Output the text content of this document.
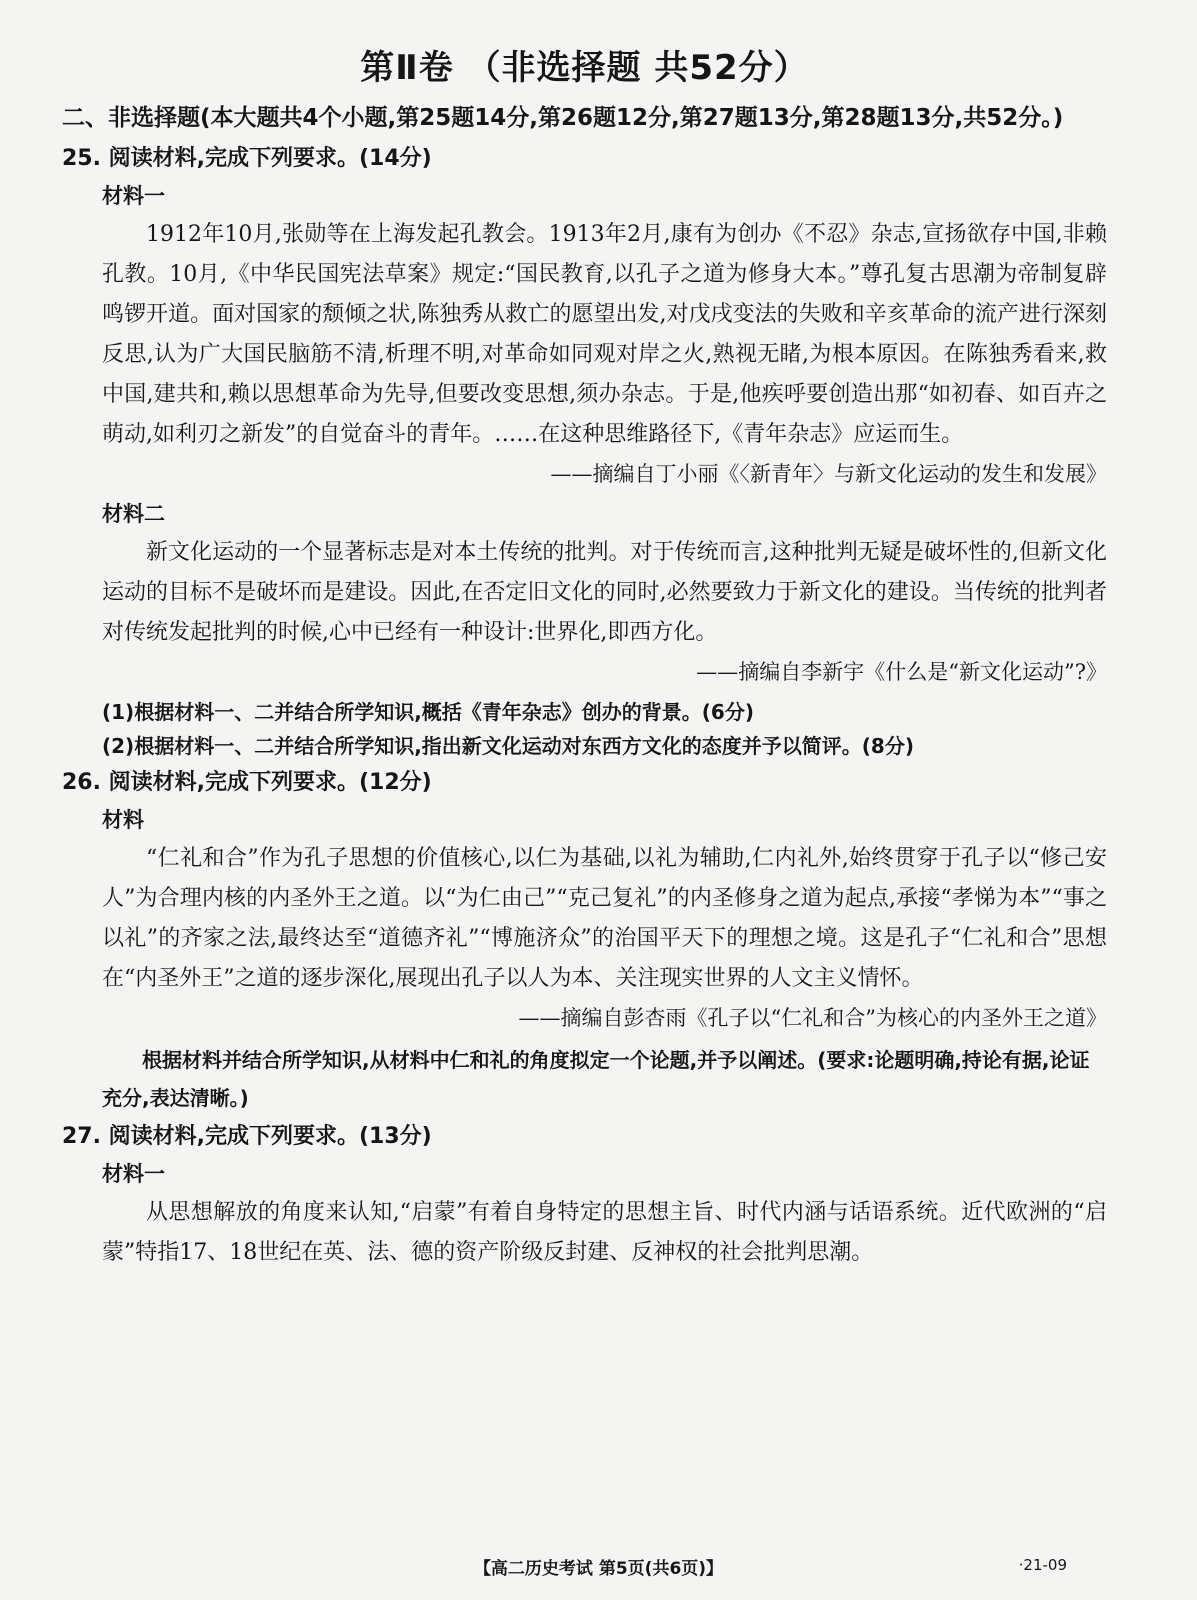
第Ⅱ卷 （非选择题 共52分）
二、非选择题(本大题共4个小题,第25题14分,第26题12分,第27题13分,第28题13分,共52分。)
25. 阅读材料,完成下列要求。(14分)
材料一
1912年10月,张勋等在上海发起孔教会。1913年2月,康有为创办《不忍》杂志,宣扬欲存中国,非赖孔教。10月,《中华民国宪法草案》规定:“国民教育,以孔子之道为修身大本。”尊孔复古思潮为帝制复辟鸣锣开道。面对国家的颓倾之状,陈独秀从救亡的愿望出发,对戊戌变法的失败和辛亥革命的流产进行深刻反思,认为广大国民脑筋不清,析理不明,对革命如同观对岸之火,熟视无睹,为根本原因。在陈独秀看来,救中国,建共和,赖以思想革命为先导,但要改变思想,须办杂志。于是,他疾呼要创造出那“如初春、如百卉之萌动,如利刃之新发”的自觉奋斗的青年。……在这种思维路径下,《青年杂志》应运而生。
——摘编自丁小丽《〈新青年〉与新文化运动的发生和发展》
材料二
新文化运动的一个显著标志是对本土传统的批判。对于传统而言,这种批判无疑是破坏性的,但新文化运动的目标不是破坏而是建设。因此,在否定旧文化的同时,必然要致力于新文化的建设。当传统的批判者对传统发起批判的时候,心中已经有一种设计:世界化,即西方化。
——摘编自李新宇《什么是“新文化运动”?》
(1)根据材料一、二并结合所学知识,概括《青年杂志》创办的背景。(6分)
(2)根据材料一、二并结合所学知识,指出新文化运动对东西方文化的态度并予以简评。(8分)
26. 阅读材料,完成下列要求。(12分)
材料
“仁礼和合”作为孔子思想的价值核心,以仁为基础,以礼为辅助,仁内礼外,始终贯穿于孔子以“修己安人”为合理内核的内圣外王之道。以“为仁由己”“克己复礼”的内圣修身之道为起点,承接“孝悌为本”“事之以礼”的齐家之法,最终达至“道德齐礼”“博施济众”的治国平天下的理想之境。这是孔子“仁礼和合”思想在“内圣外王”之道的逐步深化,展现出孔子以人为本、关注现实世界的人文主义情怀。
——摘编自彭杏雨《孔子以“仁礼和合”为核心的内圣外王之道》
根据材料并结合所学知识,从材料中仁和礼的角度拟定一个论题,并予以阐述。(要求:论题明确,持论有据,论证充分,表达清晰。)
27. 阅读材料,完成下列要求。(13分)
材料一
从思想解放的角度来认知,“启蒙”有着自身特定的思想主旨、时代内涵与话语系统。近代欧洲的“启蒙”特指17、18世纪在英、法、德的资产阶级反封建、反神权的社会批判思潮。
【高二历史考试 第5页(共6页)】	·21-09
